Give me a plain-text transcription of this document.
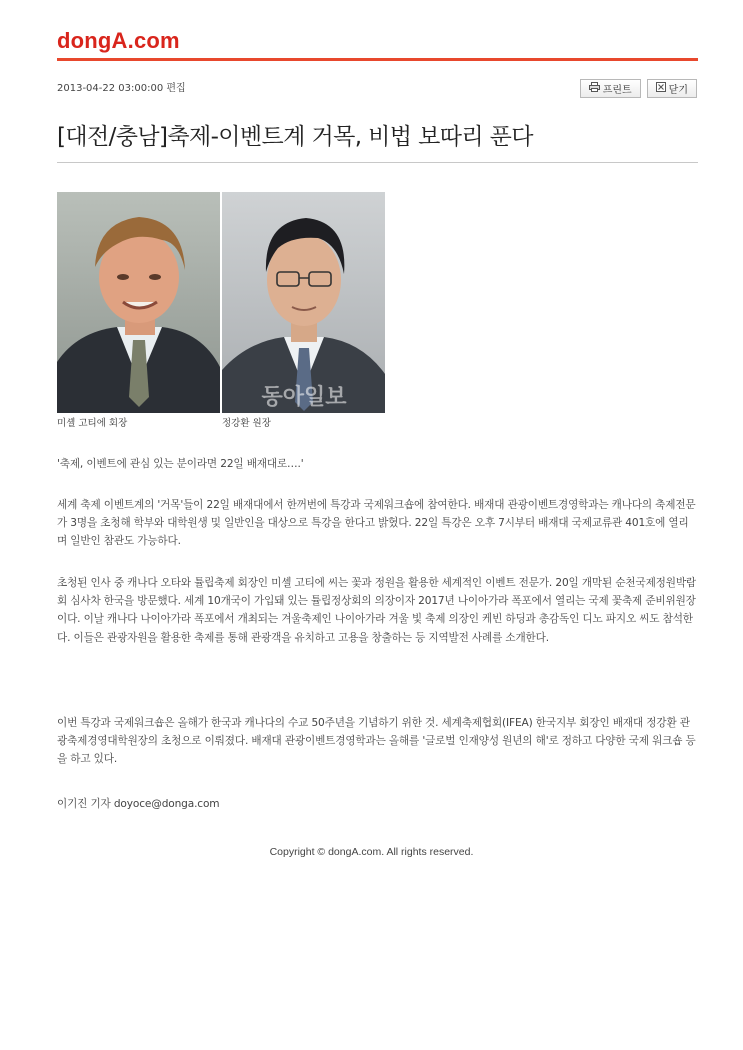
dongA.com
2013-04-22 03:00:00 편집	프린트	닫기
[대전/충남]축제-이벤트계 거목, 비법 보따리 푼다
동아일보
미셸 고티에 회장	정강환 원장

'축제, 이벤트에 관심 있는 분이라면 22일 배재대로….'

세계 축제 이벤트계의 '거목'들이 22일 배재대에서 한꺼번에 특강과 국제워크숍에 참여한다. 배재대 관광이벤트경영학과는 캐나다의 축제전문가 3명을 초청해 학부와 대학원생 및 일반인을 대상으로 특강을 한다고 밝혔다. 22일 특강은 오후 7시부터 배재대 국제교류관 401호에 열리며 일반인 참관도 가능하다.

초청된 인사 중 캐나다 오타와 튤립축제 회장인 미셸 고티에 씨는 꽃과 정원을 활용한 세계적인 이벤트 전문가. 20일 개막된 순천국제정원박람회 심사차 한국을 방문했다. 세계 10개국이 가입돼 있는 튤립정상회의 의장이자 2017년 나이아가라 폭포에서 열리는 국제 꽃축제 준비위원장이다. 이날 캐나다 나이아가라 폭포에서 개최되는 겨울축제인 나이아가라 겨울 빛 축제 의장인 케빈 하딩과 총감독인 디노 파지오 씨도 참석한다. 이들은 관광자원을 활용한 축제를 통해 관광객을 유치하고 고용을 창출하는 등 지역발전 사례를 소개한다.

이번 특강과 국제워크숍은 올해가 한국과 캐나다의 수교 50주년을 기념하기 위한 것. 세계축제협회(IFEA) 한국지부 회장인 배재대 정강환 관광축제경영대학원장의 초청으로 이뤄졌다. 배재대 관광이벤트경영학과는 올해를 '글로벌 인재양성 원년의 해'로 정하고 다양한 국제 워크숍 등을 하고 있다.

이기진 기자 doyoce@donga.com

Copyright © dongA.com. All rights reserved.
